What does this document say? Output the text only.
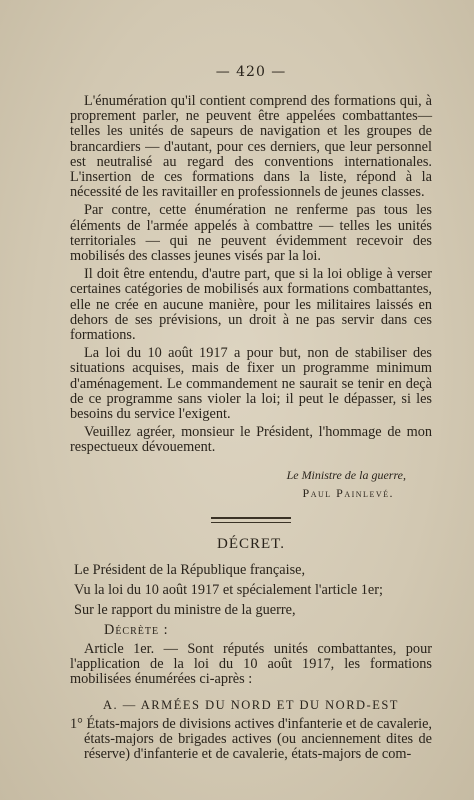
— 420 —

L'énumération qu'il contient comprend des formations qui, à proprement parler, ne peuvent être appelées combattantes— telles les unités de sapeurs de navigation et les groupes de brancardiers — d'autant, pour ces derniers, que leur personnel est neutralisé au regard des conventions internationales. L'insertion de ces formations dans la liste, répond à la nécessité de les ravitailler en professionnels de jeunes classes.

Par contre, cette énumération ne renferme pas tous les éléments de l'armée appelés à combattre — telles les unités territoriales — qui ne peuvent évidemment recevoir des mobilisés des classes jeunes visés par la loi.

Il doit être entendu, d'autre part, que si la loi oblige à verser certaines catégories de mobilisés aux formations combattantes, elle ne crée en aucune manière, pour les militaires laissés en dehors de ses prévisions, un droit à ne pas servir dans ces formations.

La loi du 10 août 1917 a pour but, non de stabiliser des situations acquises, mais de fixer un programme minimum d'aménagement. Le commandement ne saurait se tenir en deçà de ce programme sans violer la loi; il peut le dépasser, si les besoins du service l'exigent.

Veuillez agréer, monsieur le Président, l'hommage de mon respectueux dévouement.

Le Ministre de la guerre,
Paul Painlevé.
DÉCRET.

Le Président de la République française,

Vu la loi du 10 août 1917 et spécialement l'article 1er;

Sur le rapport du ministre de la guerre,

Décrète :

Article 1er. — Sont réputés unités combattantes, pour l'application de la loi du 10 août 1917, les formations mobilisées énumérées ci-après :

A. — ARMÉES DU NORD ET DU NORD-EST

1° États-majors de divisions actives d'infanterie et de cavalerie, états-majors de brigades actives (ou anciennement dites de réserve) d'infanterie et de cavalerie, états-majors de com-
